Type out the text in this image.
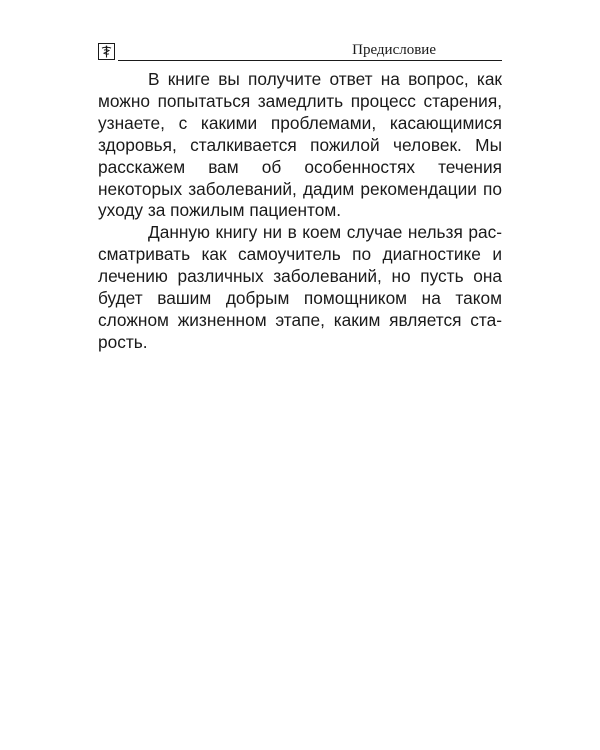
Предисловие

В книге вы получите ответ на вопрос, как можно попытаться замедлить процесс старения, узнаете, с какими проблемами, касающимися здоровья, сталкивается пожилой человек. Мы расскажем вам об особенностях течения некоторых заболеваний, дадим рекомендации по уходу за пожилым пациентом.

Данную книгу ни в коем случае нельзя рассматривать как самоучитель по диагностике и лечению различных заболеваний, но пусть она будет вашим добрым помощником на таком сложном жизненном этапе, каким является старость.
